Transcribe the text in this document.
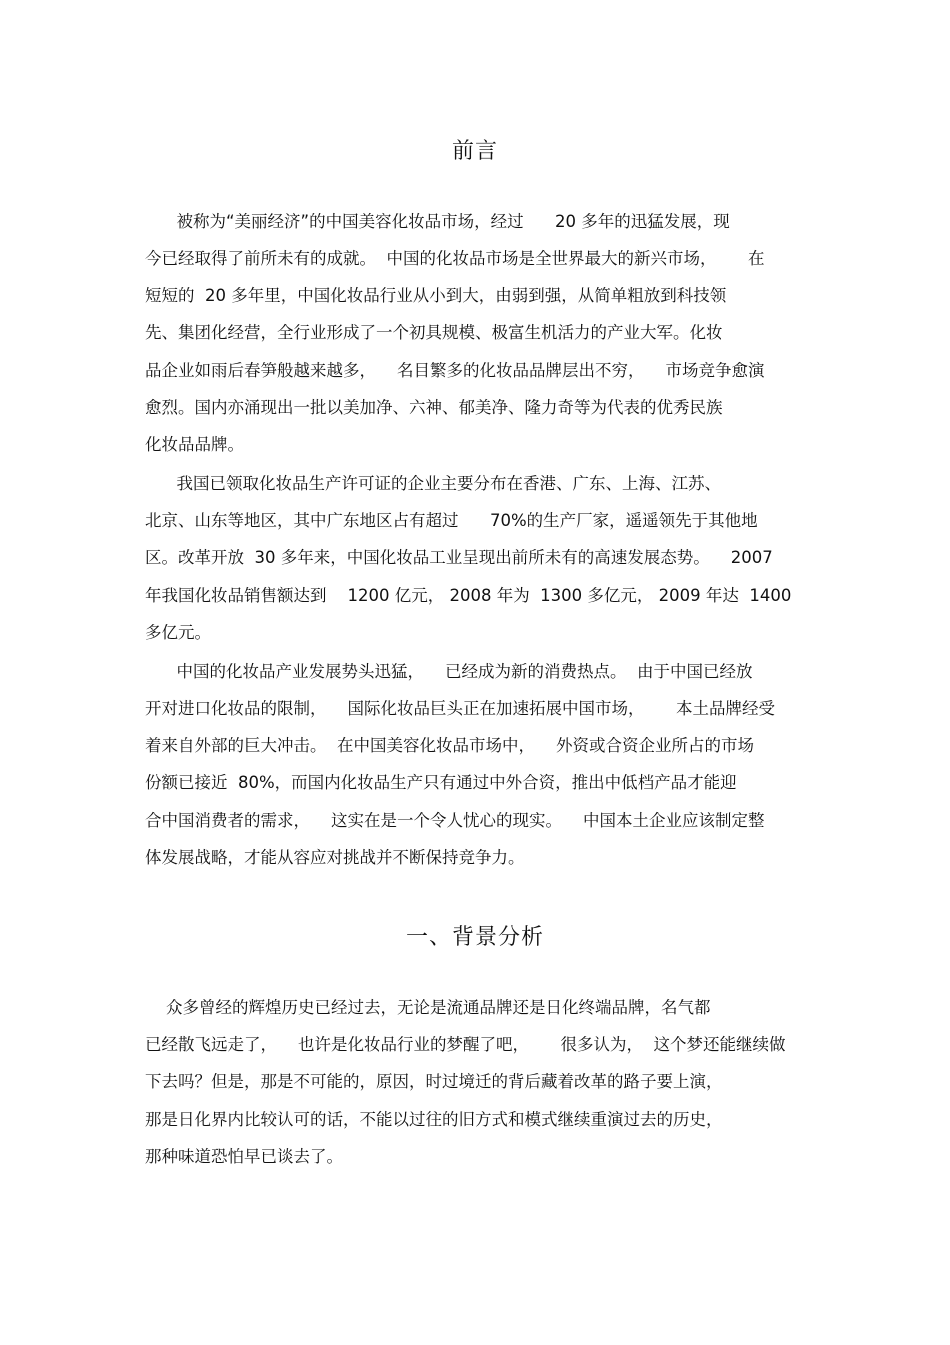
前言
被称为“美丽经济”的中国美容化妆品市场，经过      20 多年的迅猛发展，现
今已经取得了前所未有的成就。  中国的化妆品市场是全世界最大的新兴市场，      在
短短的  20 多年里，中国化妆品行业从小到大，由弱到强，从简单粗放到科技领
先、集团化经营，全行业形成了一个初具规模、极富生机活力的产业大军。化妆
品企业如雨后春笋般越来越多，    名目繁多的化妆品品牌层出不穷，    市场竞争愈演
愈烈。国内亦涌现出一批以美加净、六神、郁美净、隆力奇等为代表的优秀民族
化妆品品牌。
我国已领取化妆品生产许可证的企业主要分布在香港、广东、上海、江苏、
北京、山东等地区，其中广东地区占有超过      70%的生产厂家，遥遥领先于其他地
区。改革开放  30 多年来，中国化妆品工业呈现出前所未有的高速发展态势。    2007
年我国化妆品销售额达到    1200 亿元， 2008 年为  1300 多亿元， 2009 年达  1400
多亿元。
中国的化妆品产业发展势头迅猛，    已经成为新的消费热点。  由于中国已经放
开对进口化妆品的限制，    国际化妆品巨头正在加速拓展中国市场，      本土品牌经受
着来自外部的巨大冲击。  在中国美容化妆品市场中，    外资或合资企业所占的市场
份额已接近  80%，而国内化妆品生产只有通过中外合资，推出中低档产品才能迎
合中国消费者的需求，    这实在是一个令人忧心的现实。    中国本土企业应该制定整
体发展战略，才能从容应对挑战并不断保持竞争力。
一、背景分析
众多曾经的辉煌历史已经过去，无论是流通品牌还是日化终端品牌，名气都
已经散飞远走了，    也许是化妆品行业的梦醒了吧，      很多认为，  这个梦还能继续做
下去吗？但是，那是不可能的，原因，时过境迁的背后藏着改革的路子要上演，
那是日化界内比较认可的话，不能以过往的旧方式和模式继续重演过去的历史，
那种味道恐怕早已谈去了。
